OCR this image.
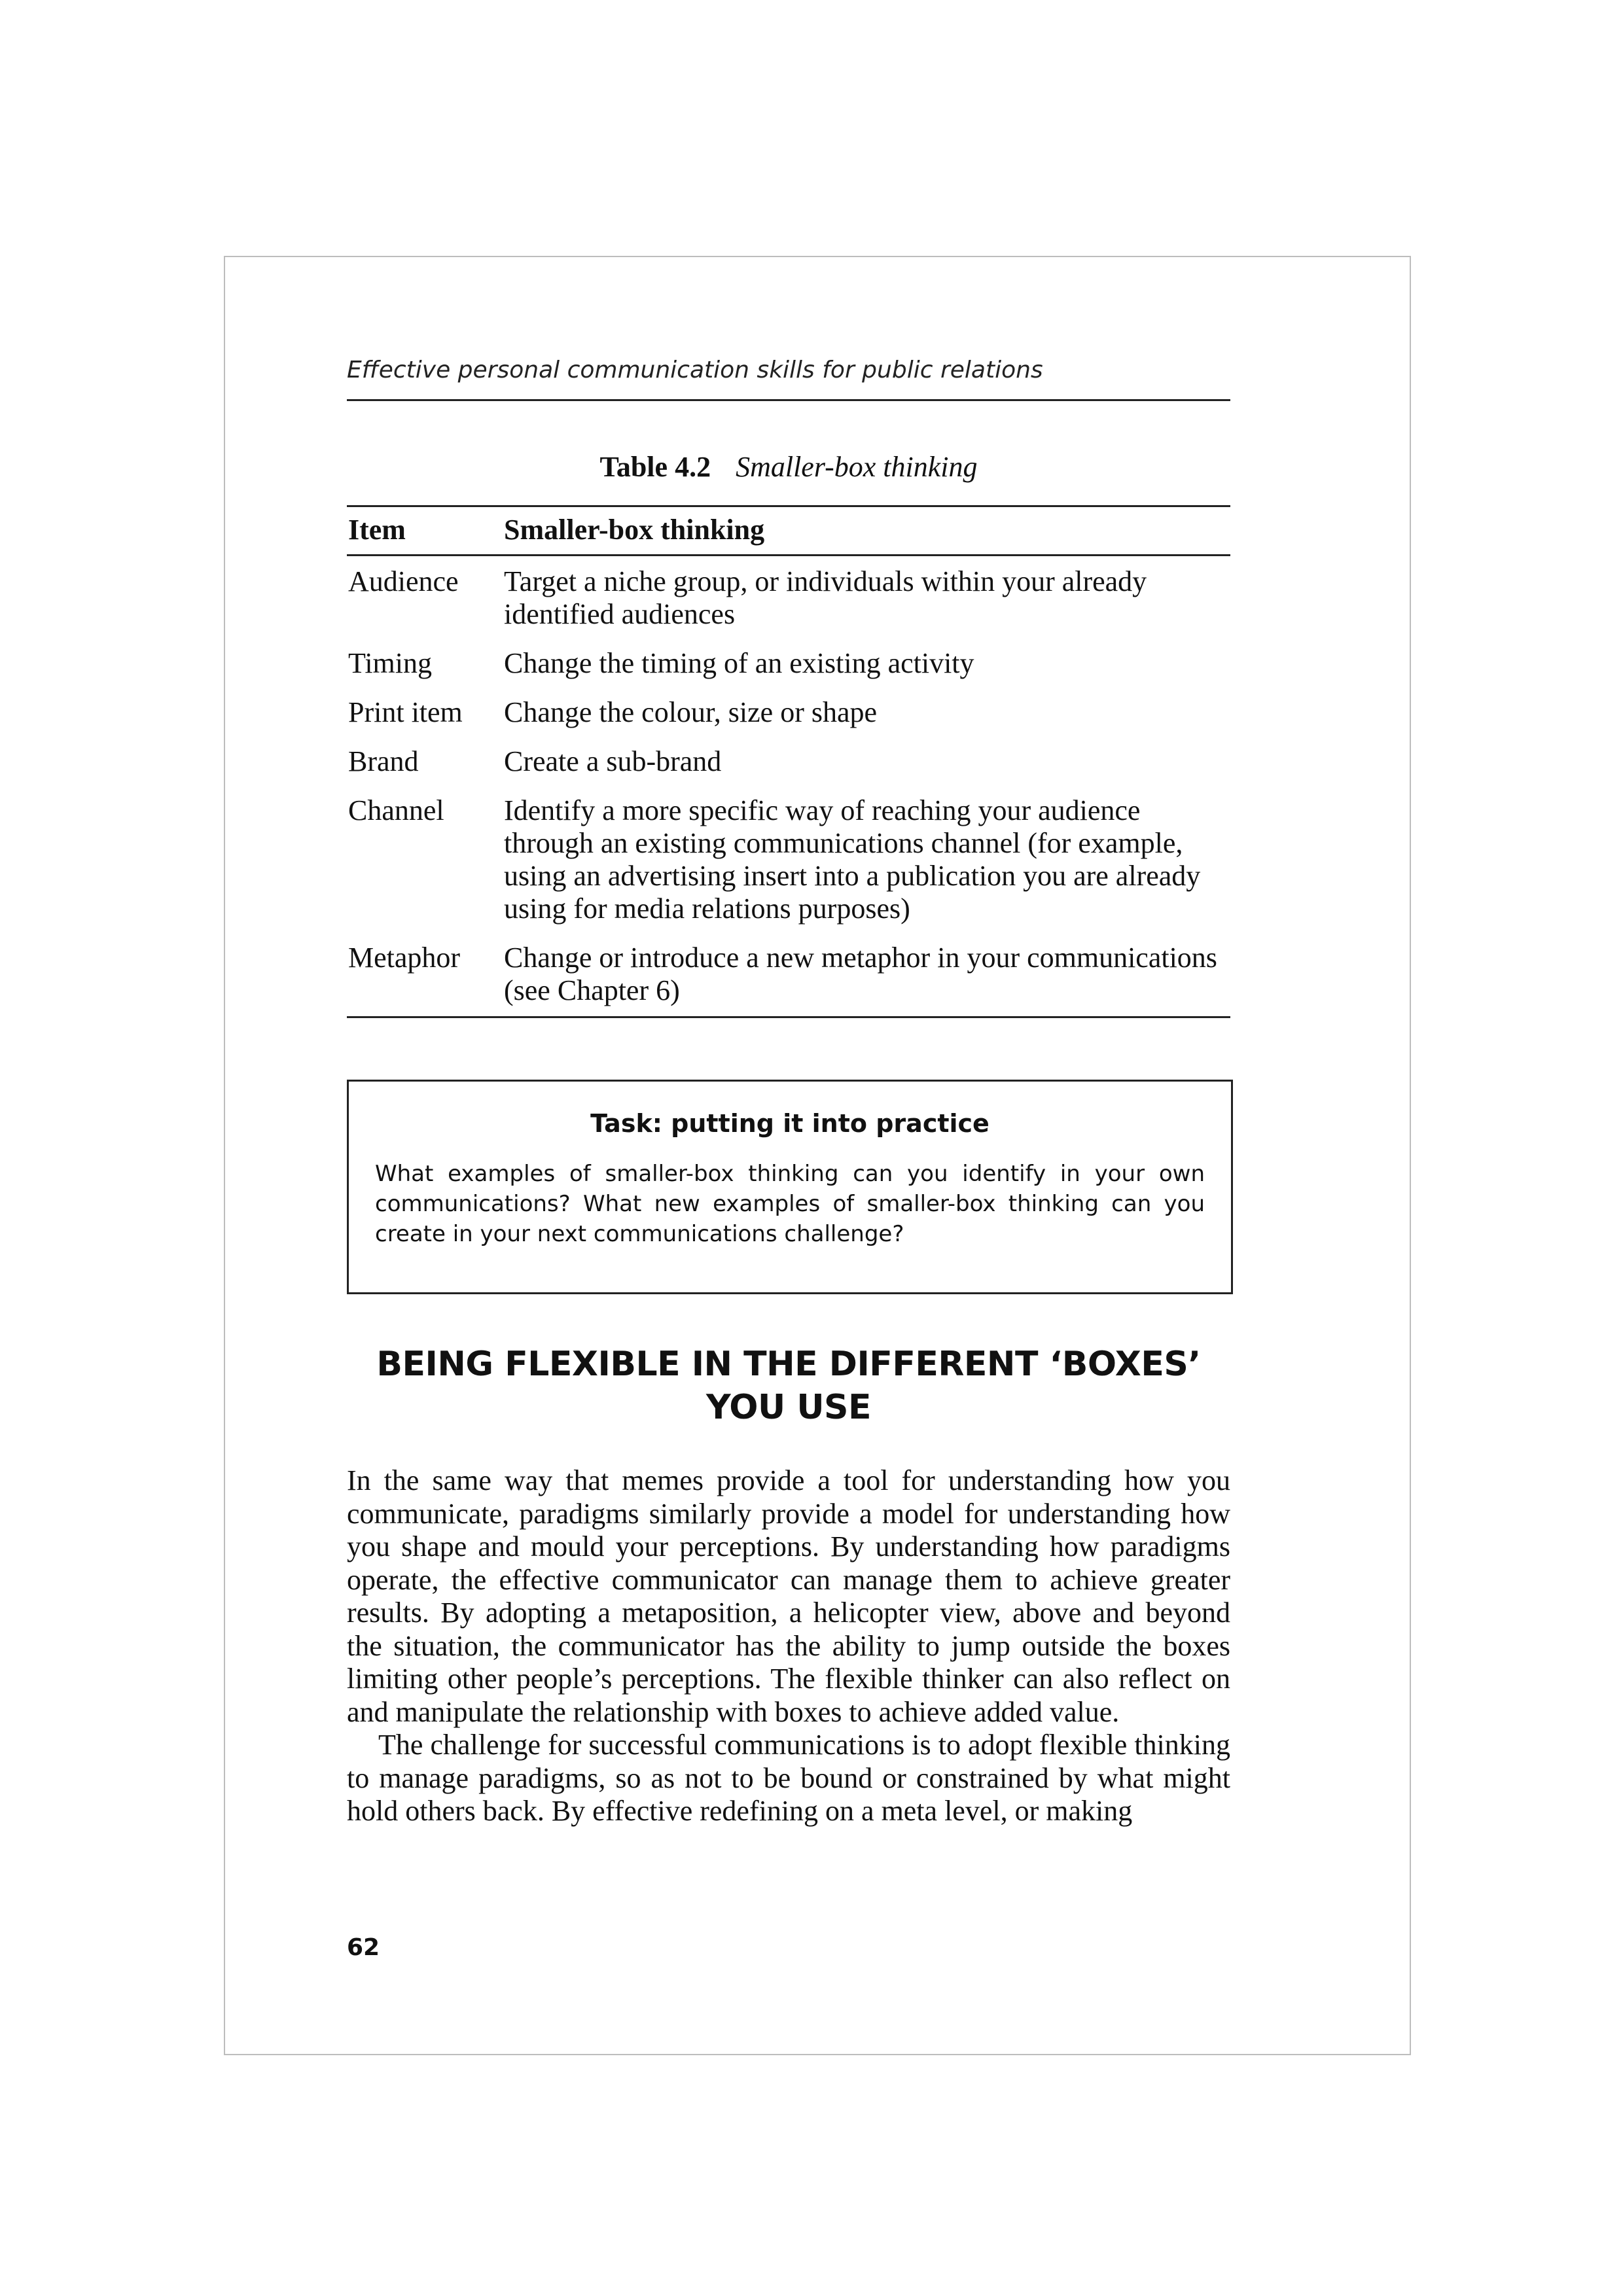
Effective personal communication skills for public relations
Table 4.2 Smaller-box thinking
Item	Smaller-box thinking
Audience	Target a niche group, or individuals within your already identified audiences
Timing	Change the timing of an existing activity
Print item	Change the colour, size or shape
Brand	Create a sub-brand
Channel	Identify a more specific way of reaching your audience through an existing communications channel (for example, using an advertising insert into a publication you are already using for media relations purposes)
Metaphor	Change or introduce a new metaphor in your communications (see Chapter 6)
Task: putting it into practice
What examples of smaller-box thinking can you identify in your own communications? What new examples of smaller-box thinking can you create in your next communications challenge?
BEING FLEXIBLE IN THE DIFFERENT ‘BOXES’
YOU USE

In the same way that memes provide a tool for understanding how you communicate, paradigms similarly provide a model for understanding how you shape and mould your perceptions. By understanding how paradigms operate, the effective communicator can manage them to achieve greater results. By adopting a metaposition, a helicopter view, above and beyond the situation, the communicator has the ability to jump outside the boxes limiting other people’s perceptions. The flexible thinker can also reflect on and manipulate the relationship with boxes to achieve added value.

The challenge for successful communications is to adopt flexible thinking to manage paradigms, so as not to be bound or constrained by what might hold others back. By effective redefining on a meta level, or making

62
